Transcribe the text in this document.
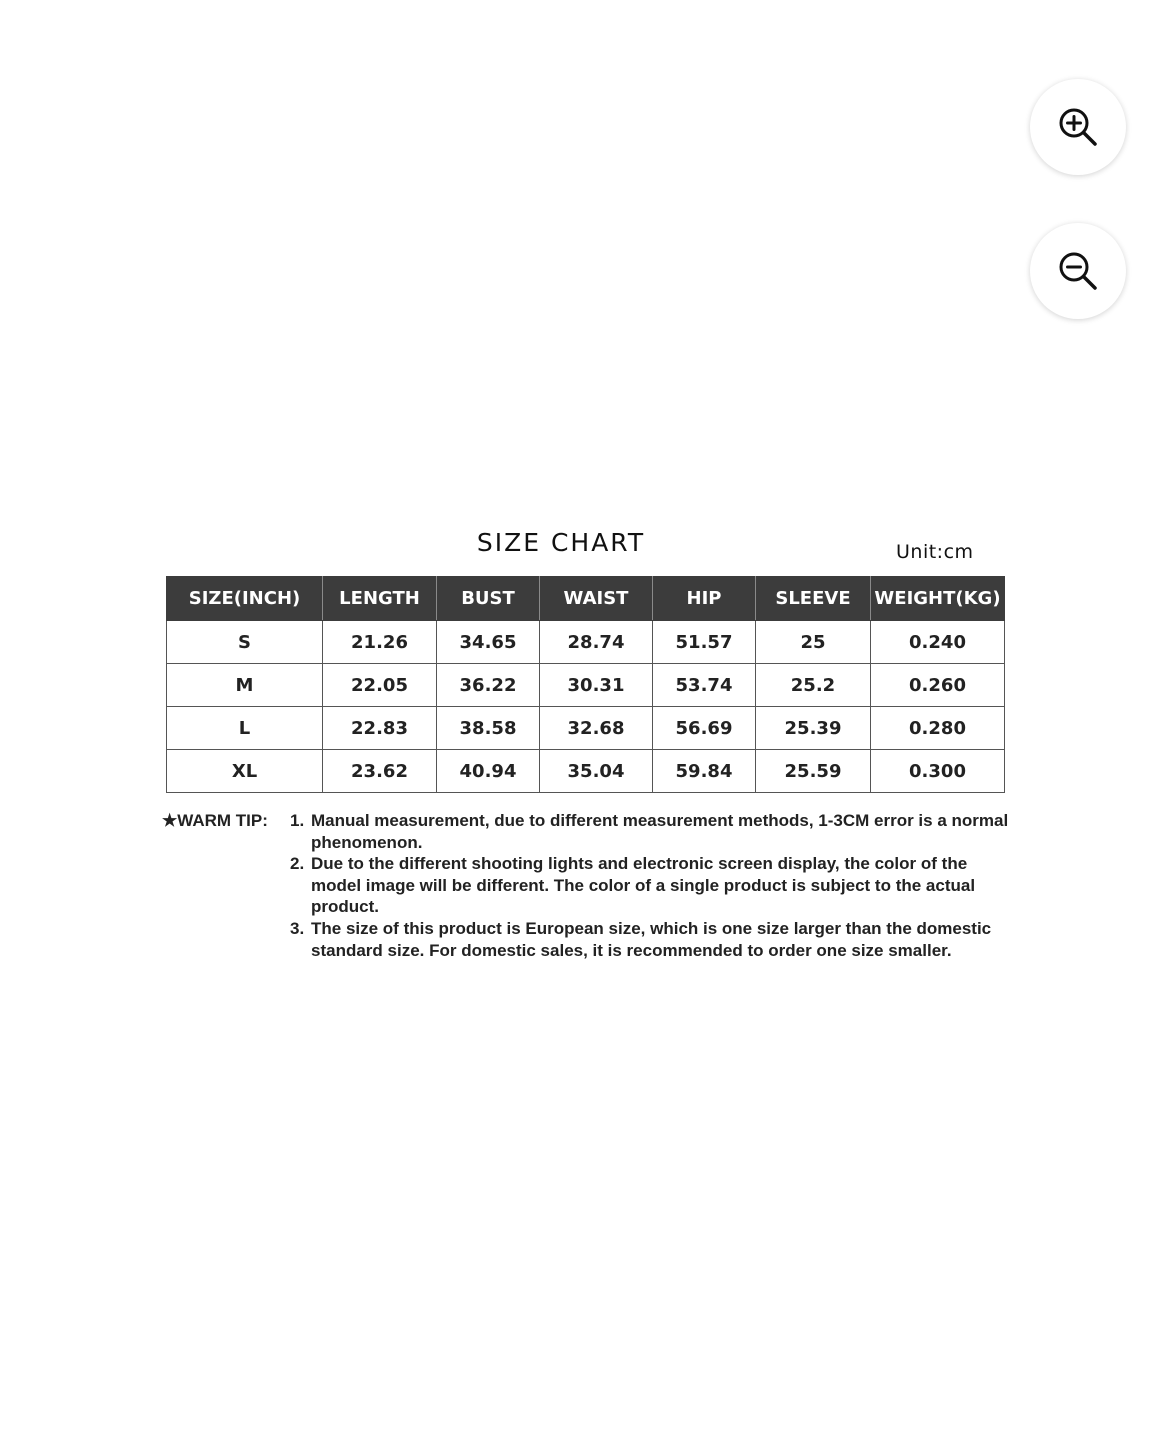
SIZE CHART	Unit:cm
SIZE(INCH)	LENGTH	BUST	WAIST	HIP	SLEEVE	WEIGHT(KG)
S	21.26	34.65	28.74	51.57	25	0.240
M	22.05	36.22	30.31	53.74	25.2	0.260
L	22.83	38.58	32.68	56.69	25.39	0.280
XL	23.62	40.94	35.04	59.84	25.59	0.300
★WARM TIP: 1. Manual measurement, due to different measurement methods, 1-3CM error is a normal phenomenon.
2. Due to the different shooting lights and electronic screen display, the color of the model image will be different. The color of a single product is subject to the actual product.
3. The size of this product is European size, which is one size larger than the domestic standard size. For domestic sales, it is recommended to order one size smaller.
